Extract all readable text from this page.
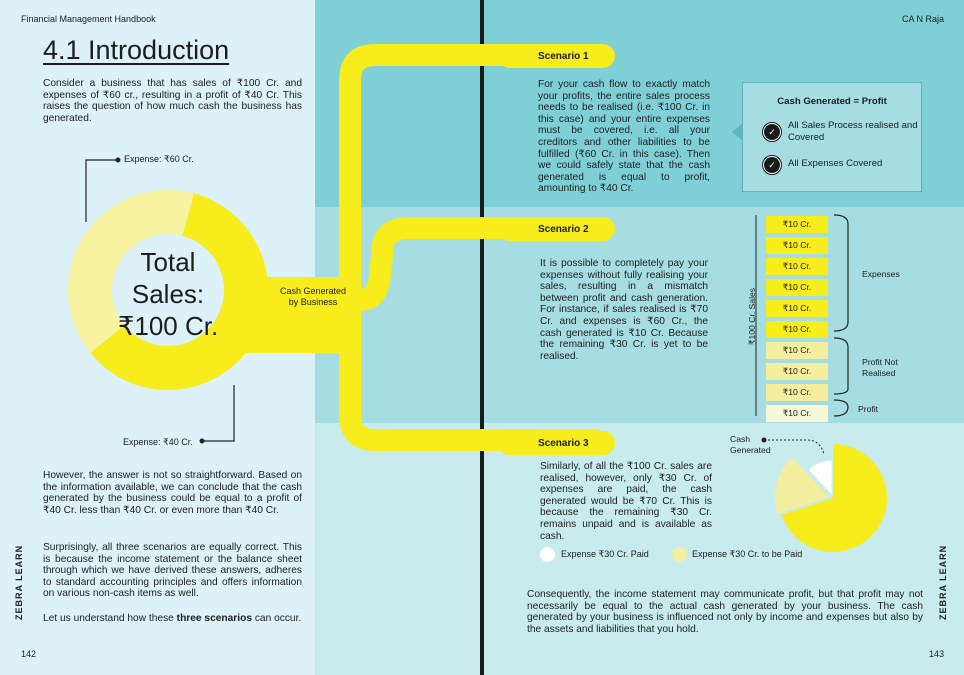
Financial Management Handbook	CA N Raja
4.1 Introduction
Consider a business that has sales of ₹100 Cr. and expenses of ₹60 cr., resulting in a profit of ₹40 Cr. This raises the question of how much cash the business has generated.
Total
Sales:
₹100 Cr.
Expense: ₹60 Cr.
Expense: ₹40 Cr.
Cash Generated by Business
However, the answer is not so straightforward. Based on the information available, we can conclude that the cash generated by the business could be equal to a profit of ₹40 Cr. less than ₹40 Cr. or even more than ₹40 Cr.
Surprisingly, all three scenarios are equally correct. This is because the income statement or the balance sheet through which we have derived these answers, adheres to standard accounting principles and offers information on various non-cash items as well.
Let us understand how these three scenarios can occur.
142
ZEBRA LEARN
Scenario 1
For your cash flow to exactly match your profits, the entire sales process needs to be realised (i.e. ₹100 Cr. in this case) and your entire expenses must be covered, i.e. all your creditors and other liabilities to be fulfilled (₹60 Cr. in this case). Then we could safely state that the cash generated is equal to profit, amounting to ₹40 Cr.
Cash Generated = Profit
✓
All Sales Process realised and Covered
✓	All Expenses Covered
Scenario 2
It is possible to completely pay your expenses without fully realising your sales, resulting in a mismatch between profit and cash generation. For instance, if sales realised is ₹70 Cr. and expenses is ₹60 Cr., the cash generated is ₹10 Cr. Because the remaining ₹30 Cr. is yet to be realised.
₹10 Cr.
₹10 Cr.
₹10 Cr.
₹10 Cr.
₹10 Cr.
₹10 Cr.
₹10 Cr.
₹10 Cr.
₹10 Cr.
₹10 Cr.
₹100 Cr. Sales
Expenses
Profit Not Realised
Profit
Scenario 3
Similarly, of all the ₹100 Cr. sales are realised, however, only ₹30 Cr. of expenses are paid, the cash generated would be ₹70 Cr. This is because the remaining ₹30 Cr. remains unpaid and is available as cash.
Cash Generated
Expense ₹30 Cr. Paid	Expense ₹30 Cr. to be Paid
Consequently, the income statement may communicate profit, but that profit may not necessarily be equal to the actual cash generated by your business. The cash generated by your business is influenced not only by income and expenses but also by the assets and liabilities that you hold.
143
ZEBRA LEARN
